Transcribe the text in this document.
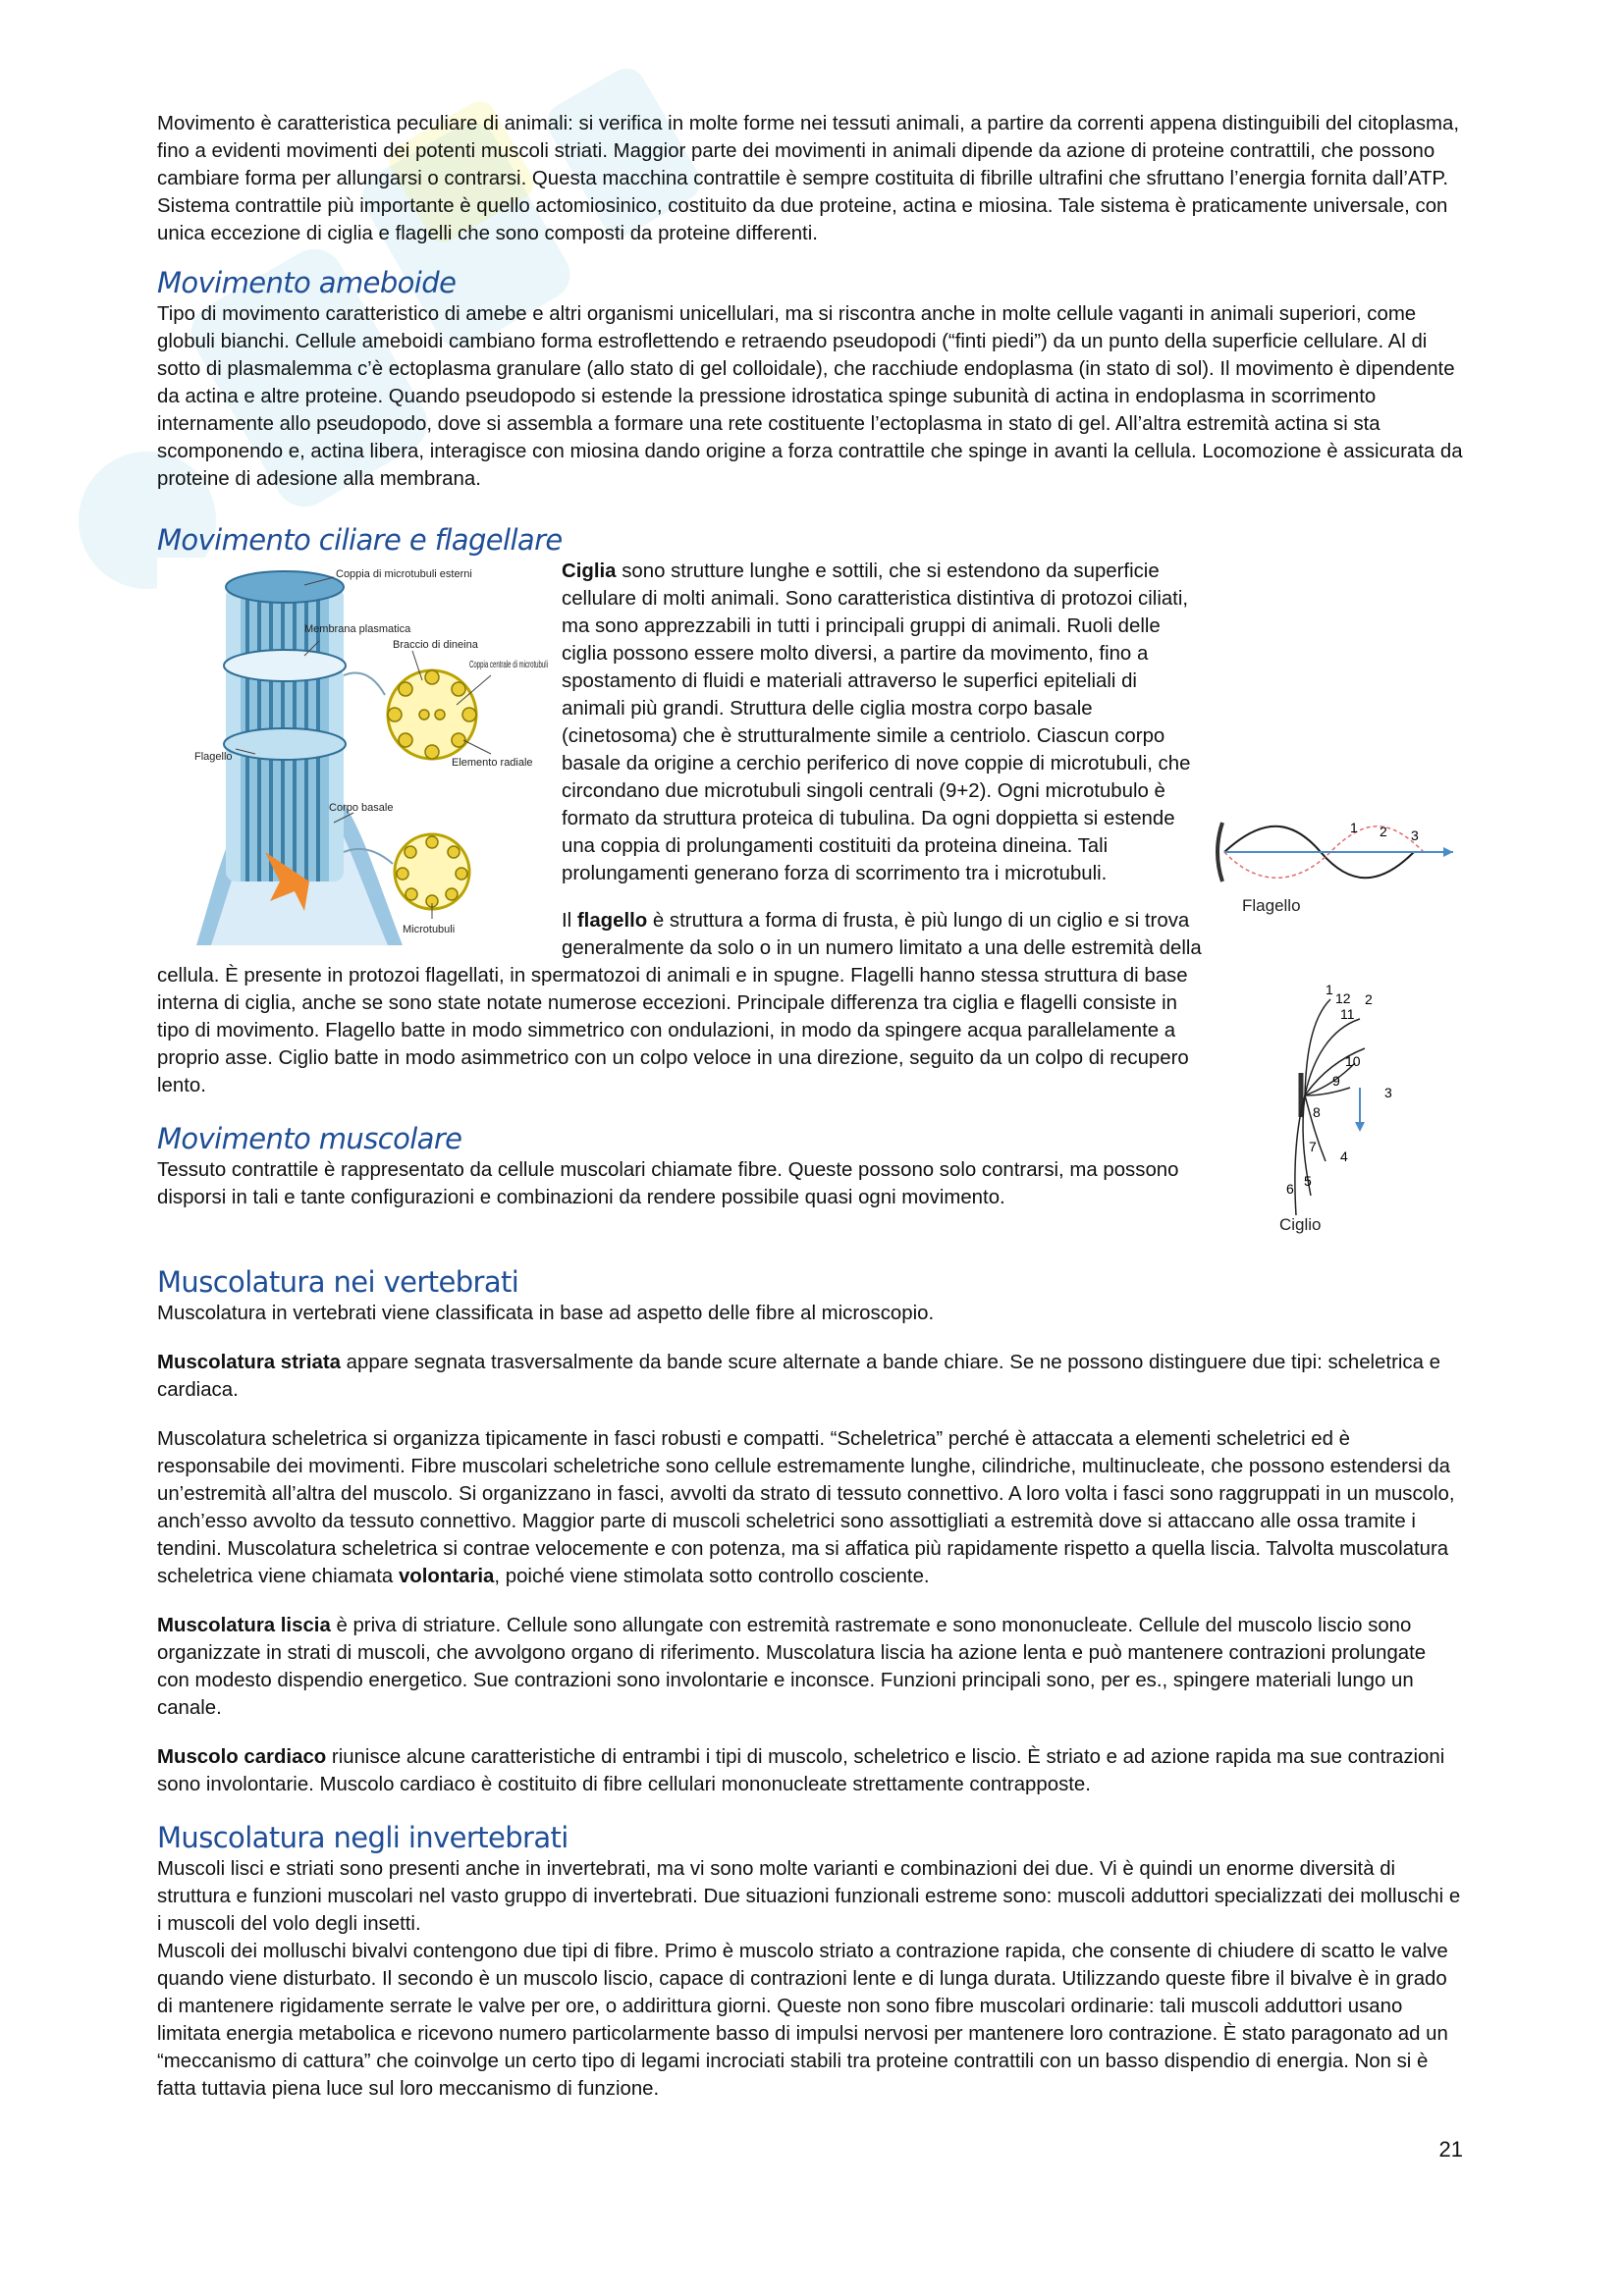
Movimento è caratteristica peculiare di animali: si verifica in molte forme nei tessuti animali, a partire da correnti appena distinguibili del citoplasma, fino a evidenti movimenti dei potenti muscoli striati. Maggior parte dei movimenti in animali dipende da azione di proteine contrattili, che possono cambiare forma per allungarsi o contrarsi. Questa macchina contrattile è sempre costituita di fibrille ultrafini che sfruttano l’energia fornita dall’ATP. Sistema contrattile più importante è quello actomiosinico, costituito da due proteine, actina e miosina. Tale sistema è praticamente universale, con unica eccezione di ciglia e flagelli che sono composti da proteine differenti.

Movimento ameboide

Tipo di movimento caratteristico di amebe e altri organismi unicellulari, ma si riscontra anche in molte cellule vaganti in animali superiori, come globuli bianchi. Cellule ameboidi cambiano forma estroflettendo e retraendo pseudopodi (“finti piedi”) da un punto della superficie cellulare. Al di sotto di plasmalemma c’è ectoplasma granulare (allo stato di gel colloidale), che racchiude endoplasma (in stato di sol). Il movimento è dipendente da actina e altre proteine. Quando pseudopodo si estende la pressione idrostatica spinge subunità di actina in endoplasma in scorrimento internamente allo pseudopodo, dove si assembla a formare una rete costituente l’ectoplasma in stato di gel. All’altra estremità actina si sta scomponendo e, actina libera, interagisce con miosina dando origine a forza contrattile che spinge in avanti la cellula. Locomozione è assicurata da proteine di adesione alla membrana.

Movimento ciliare e flagellare
Coppia di microtubuli esterni
Membrana plasmatica
Braccio di dineina
Coppia centrale di microtubuli
Elemento radiale
Flagello
Corpo basale
Microtubuli
1 2 3
Flagello

Ciglia sono strutture lunghe e sottili, che si estendono da superficie cellulare di molti animali. Sono caratteristica distintiva di protozoi ciliati, ma sono apprezzabili in tutti i principali gruppi di animali. Ruoli delle ciglia possono essere molto diversi, a partire da movimento, fino a spostamento di fluidi e materiali attraverso le superfici epiteliali di animali più grandi. Struttura delle ciglia mostra corpo basale (cinetosoma) che è strutturalmente simile a centriolo. Ciascun corpo basale da origine a cerchio periferico di nove coppie di microtubuli, che circondano due microtubuli singoli centrali (9+2). Ogni microtubulo è formato da struttura proteica di tubulina. Da ogni doppietta si estende una coppia di prolungamenti costituiti da proteina dineina. Tali prolungamenti generano forza di scorrimento tra i microtubuli.

1
12 2
11
10
9
3
8
7
4
6 5
Ciglio

Il flagello è struttura a forma di frusta, è più lungo di un ciglio e si trova generalmente da solo o in un numero limitato a una delle estremità della cellula. È presente in protozoi flagellati, in spermatozoi di animali e in spugne. Flagelli hanno stessa struttura di base interna di ciglia, anche se sono state notate numerose eccezioni. Principale differenza tra ciglia e flagelli consiste in tipo di movimento. Flagello batte in modo simmetrico con ondulazioni, in modo da spingere acqua parallelamente a proprio asse. Ciglio batte in modo asimmetrico con un colpo veloce in una direzione, seguito da un colpo di recupero lento.

Movimento muscolare

Tessuto contrattile è rappresentato da cellule muscolari chiamate fibre. Queste possono solo contrarsi, ma possono disporsi in tali e tante configurazioni e combinazioni da rendere possibile quasi ogni movimento.

Muscolatura nei vertebrati

Muscolatura in vertebrati viene classificata in base ad aspetto delle fibre al microscopio.

Muscolatura striata appare segnata trasversalmente da bande scure alternate a bande chiare. Se ne possono distinguere due tipi: scheletrica e cardiaca.

Muscolatura scheletrica si organizza tipicamente in fasci robusti e compatti. “Scheletrica” perché è attaccata a elementi scheletrici ed è responsabile dei movimenti. Fibre muscolari scheletriche sono cellule estremamente lunghe, cilindriche, multinucleate, che possono estendersi da un’estremità all’altra del muscolo. Si organizzano in fasci, avvolti da strato di tessuto connettivo. A loro volta i fasci sono raggruppati in un muscolo, anch’esso avvolto da tessuto connettivo. Maggior parte di muscoli scheletrici sono assottigliati a estremità dove si attaccano alle ossa tramite i tendini. Muscolatura scheletrica si contrae velocemente e con potenza, ma si affatica più rapidamente rispetto a quella liscia. Talvolta muscolatura scheletrica viene chiamata volontaria, poiché viene stimolata sotto controllo cosciente.

Muscolatura liscia è priva di striature. Cellule sono allungate con estremità rastremate e sono mononucleate. Cellule del muscolo liscio sono organizzate in strati di muscoli, che avvolgono organo di riferimento. Muscolatura liscia ha azione lenta e può mantenere contrazioni prolungate con modesto dispendio energetico. Sue contrazioni sono involontarie e inconsce. Funzioni principali sono, per es., spingere materiali lungo un canale.

Muscolo cardiaco riunisce alcune caratteristiche di entrambi i tipi di muscolo, scheletrico e liscio. È striato e ad azione rapida ma sue contrazioni sono involontarie. Muscolo cardiaco è costituito di fibre cellulari mononucleate strettamente contrapposte.

Muscolatura negli invertebrati

Muscoli lisci e striati sono presenti anche in invertebrati, ma vi sono molte varianti e combinazioni dei due. Vi è quindi un enorme diversità di struttura e funzioni muscolari nel vasto gruppo di invertebrati. Due situazioni funzionali estreme sono: muscoli adduttori specializzati dei molluschi e i muscoli del volo degli insetti.

Muscoli dei molluschi bivalvi contengono due tipi di fibre. Primo è muscolo striato a contrazione rapida, che consente di chiudere di scatto le valve quando viene disturbato. Il secondo è un muscolo liscio, capace di contrazioni lente e di lunga durata. Utilizzando queste fibre il bivalve è in grado di mantenere rigidamente serrate le valve per ore, o addirittura giorni. Queste non sono fibre muscolari ordinarie: tali muscoli adduttori usano limitata energia metabolica e ricevono numero particolarmente basso di impulsi nervosi per mantenere loro contrazione. È stato paragonato ad un “meccanismo di cattura” che coinvolge un certo tipo di legami incrociati stabili tra proteine contrattili con un basso dispendio di energia. Non si è fatta tuttavia piena luce sul loro meccanismo di funzione.

21
